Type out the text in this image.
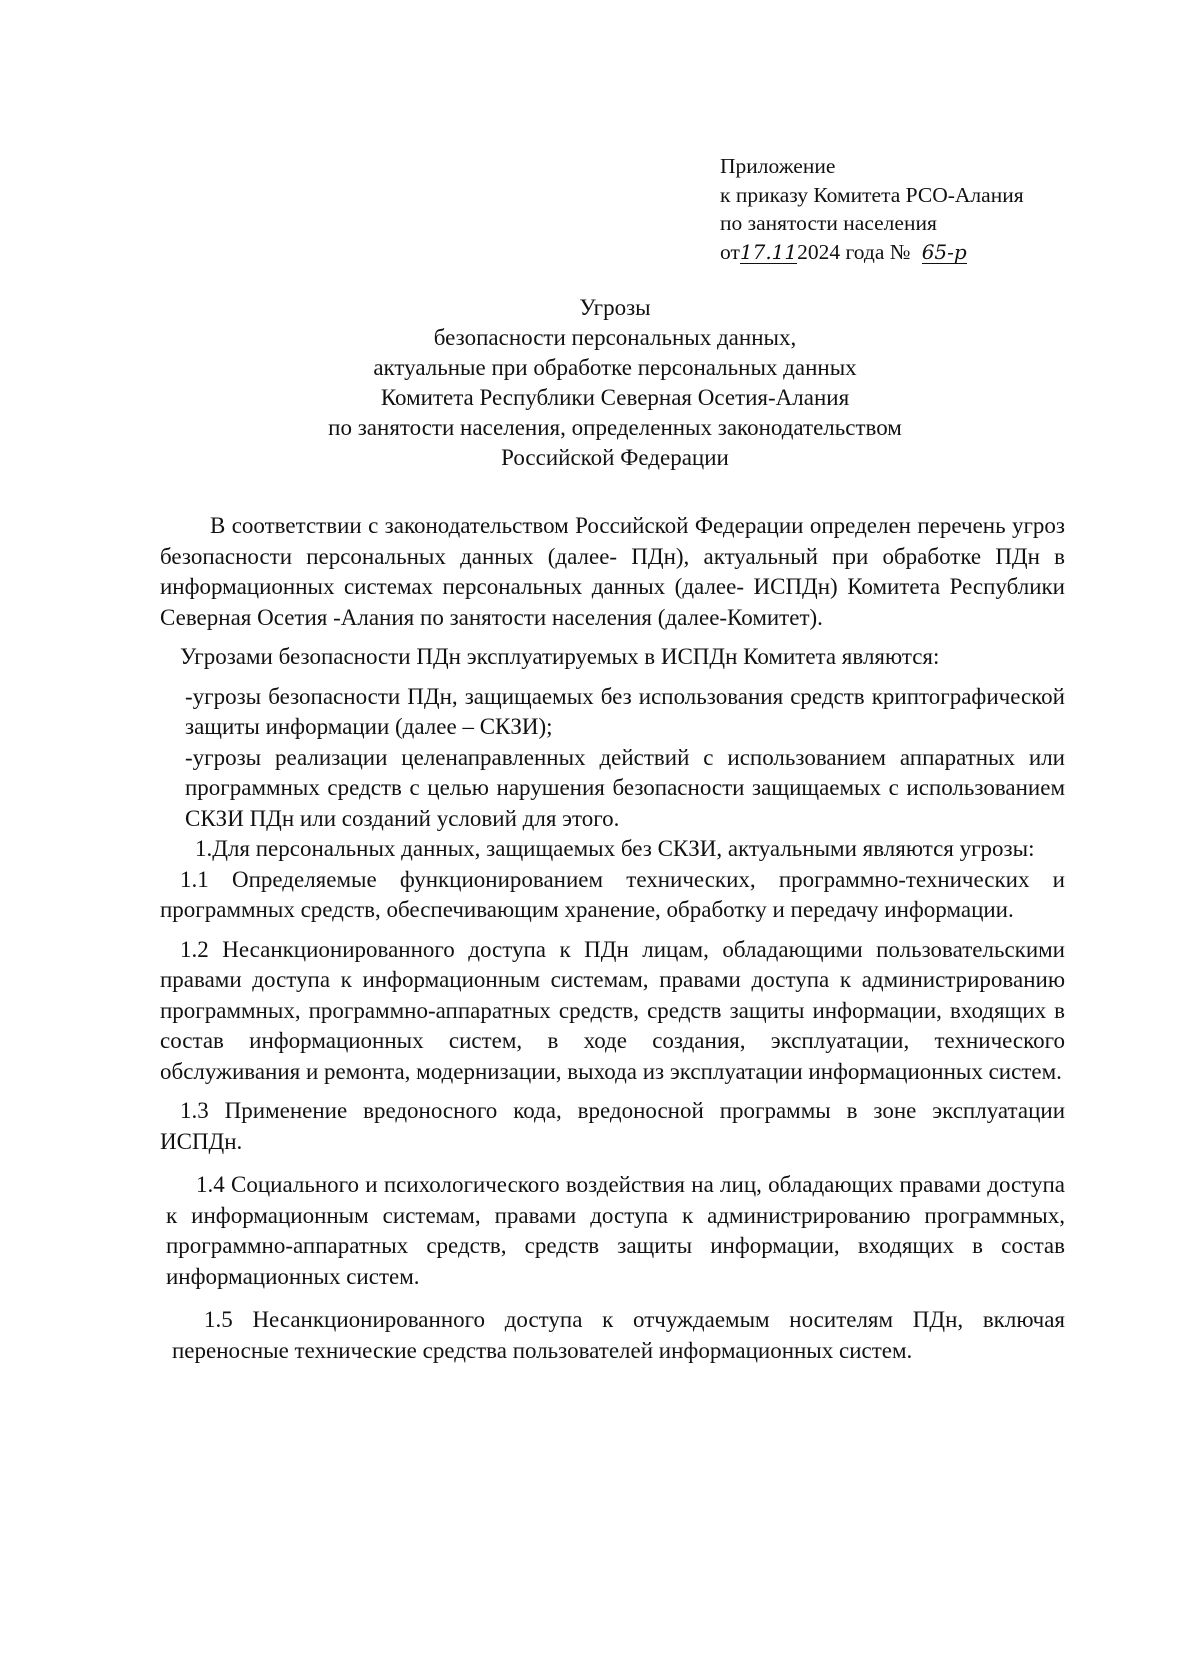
Приложение
к приказу Комитета РСО-Алания
по занятости населения
от17.112024 года № 65-р
Угрозы
безопасности персональных данных,
актуальные при обработке персональных данных
Комитета Республики Северная Осетия-Алания
по занятости населения, определенных законодательством
Российской Федерации

В соответствии с законодательством Российской Федерации определен перечень угроз безопасности персональных данных (далее- ПДн), актуальный при обработке ПДн в информационных системах персональных данных (далее- ИСПДн) Комитета Республики Северная Осетия -Алания по занятости населения (далее-Комитет).

Угрозами безопасности ПДн эксплуатируемых в ИСПДн Комитета являются:

-угрозы безопасности ПДн, защищаемых без использования средств криптографической защиты информации (далее – СКЗИ);

-угрозы реализации целенаправленных действий с использованием аппаратных или программных средств с целью нарушения безопасности защищаемых с использованием СКЗИ ПДн или созданий условий для этого.

1.Для персональных данных, защищаемых без СКЗИ, актуальными являются угрозы:

1.1 Определяемые функционированием технических, программно-технических и программных средств, обеспечивающим хранение, обработку и передачу информации.

1.2 Несанкционированного доступа к ПДн лицам, обладающими пользовательскими правами доступа к информационным системам, правами доступа к администрированию программных, программно-аппаратных средств, средств защиты информации, входящих в состав информационных систем, в ходе создания, эксплуатации, технического обслуживания и ремонта, модернизации, выхода из эксплуатации информационных систем.

1.3 Применение вредоносного кода, вредоносной программы в зоне эксплуатации ИСПДн.

1.4 Социального и психологического воздействия на лиц, обладающих правами доступа к информационным системам, правами доступа к администрированию программных, программно-аппаратных средств, средств защиты информации, входящих в состав информационных систем.

1.5 Несанкционированного доступа к отчуждаемым носителям ПДн, включая переносные технические средства пользователей информационных систем.
